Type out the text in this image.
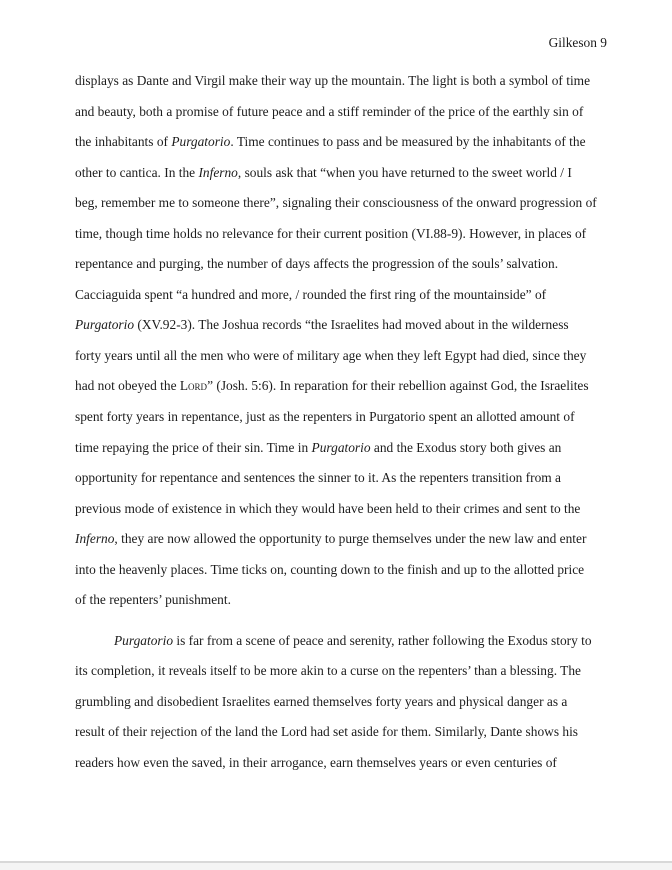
Gilkeson 9
displays as Dante and Virgil make their way up the mountain. The light is both a symbol of time
and beauty, both a promise of future peace and a stiff reminder of the price of the earthly sin of
the inhabitants of Purgatorio. Time continues to pass and be measured by the inhabitants of the
other to cantica. In the Inferno, souls ask that “when you have returned to the sweet world / I
beg, remember me to someone there”, signaling their consciousness of the onward progression of
time, though time holds no relevance for their current position (VI.88-9). However, in places of
repentance and purging, the number of days affects the progression of the souls’ salvation.
Cacciaguida spent “a hundred and more, / rounded the first ring of the mountainside” of
Purgatorio (XV.92-3). The Joshua records “the Israelites had moved about in the wilderness
forty years until all the men who were of military age when they left Egypt had died, since they
had not obeyed the Lord” (Josh. 5:6). In reparation for their rebellion against God, the Israelites
spent forty years in repentance, just as the repenters in Purgatorio spent an allotted amount of
time repaying the price of their sin. Time in Purgatorio and the Exodus story both gives an
opportunity for repentance and sentences the sinner to it. As the repenters transition from a
previous mode of existence in which they would have been held to their crimes and sent to the
Inferno, they are now allowed the opportunity to purge themselves under the new law and enter
into the heavenly places. Time ticks on, counting down to the finish and up to the allotted price
of the repenters’ punishment.
Purgatorio is far from a scene of peace and serenity, rather following the Exodus story to
its completion, it reveals itself to be more akin to a curse on the repenters’ than a blessing. The
grumbling and disobedient Israelites earned themselves forty years and physical danger as a
result of their rejection of the land the Lord had set aside for them. Similarly, Dante shows his
readers how even the saved, in their arrogance, earn themselves years or even centuries of
